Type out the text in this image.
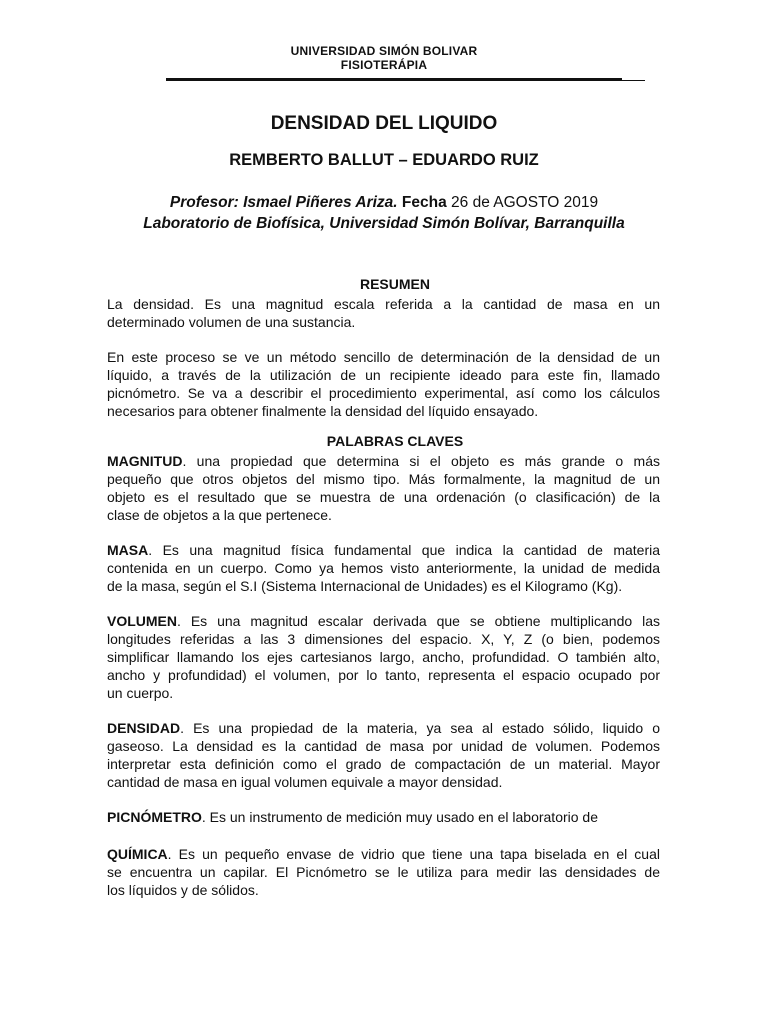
UNIVERSIDAD SIMÓN BOLIVAR
FISIOTERÁPIA
DENSIDAD DEL LIQUIDO
REMBERTO BALLUT – EDUARDO RUIZ
Profesor: Ismael Piñeres Ariza. Fecha 26 de AGOSTO 2019
Laboratorio de Biofísica, Universidad Simón Bolívar, Barranquilla
RESUMEN
La densidad. Es una magnitud escala referida a la cantidad de masa en un
determinado volumen de una sustancia.
En este proceso se ve un método sencillo de determinación de la densidad de un
líquido, a través de la utilización de un recipiente ideado para este fin, llamado
picnómetro. Se va a describir el procedimiento experimental, así como los cálculos
necesarios para obtener finalmente la densidad del líquido ensayado.
PALABRAS CLAVES
MAGNITUD. una propiedad que determina si el objeto es más grande o más
pequeño que otros objetos del mismo tipo. Más formalmente, la magnitud de un
objeto es el resultado que se muestra de una ordenación (o clasificación) de la
clase de objetos a la que pertenece.
MASA. Es una magnitud física fundamental que indica la cantidad de materia
contenida en un cuerpo. Como ya hemos visto anteriormente, la unidad de medida
de la masa, según el S.I (Sistema Internacional de Unidades) es el Kilogramo (Kg).
VOLUMEN. Es una magnitud escalar derivada que se obtiene multiplicando las
longitudes referidas a las 3 dimensiones del espacio. X, Y, Z (o bien, podemos
simplificar llamando los ejes cartesianos largo, ancho, profundidad. O también alto,
ancho y profundidad) el volumen, por lo tanto, representa el espacio ocupado por
un cuerpo.
DENSIDAD. Es una propiedad de la materia, ya sea al estado sólido, liquido o
gaseoso. La densidad es la cantidad de masa por unidad de volumen. Podemos
interpretar esta definición como el grado de compactación de un material. Mayor
cantidad de masa en igual volumen equivale a mayor densidad.
PICNÓMETRO. Es un instrumento de medición muy usado en el laboratorio de
QUÍMICA. Es un pequeño envase de vidrio que tiene una tapa biselada en el cual
se encuentra un capilar. El Picnómetro se le utiliza para medir las densidades de
los líquidos y de sólidos.
